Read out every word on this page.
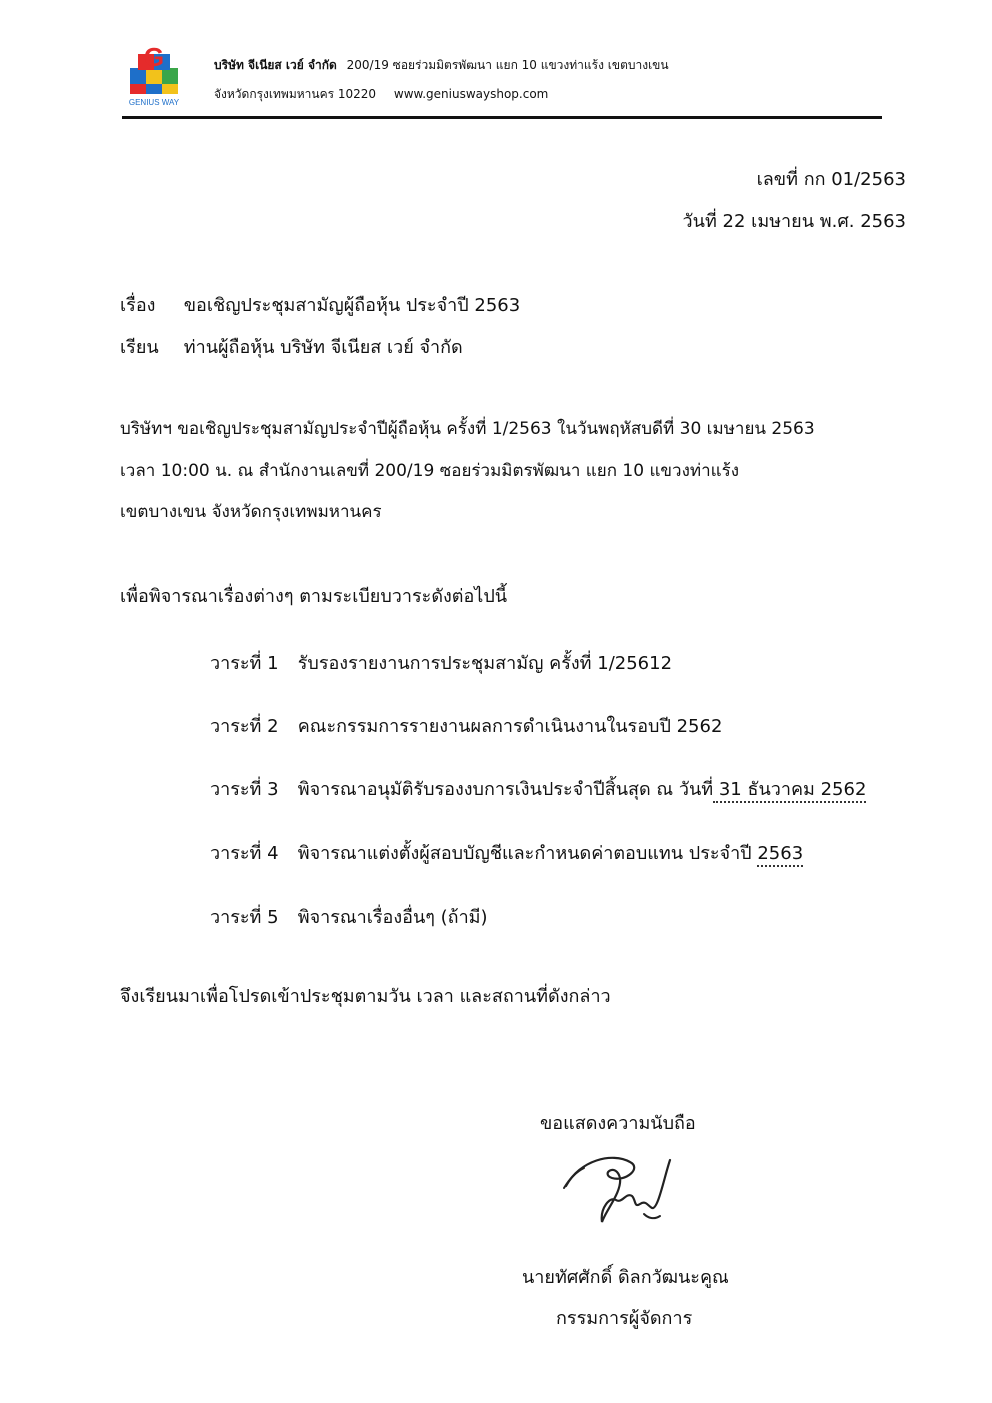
G
GENIUS WAY
บริษัท จีเนียส เวย์ จำกัด 200/19 ซอยร่วมมิตรพัฒนา แยก 10 แขวงท่าแร้ง เขตบางเขน
จังหวัดกรุงเทพมหานคร 10220 www.geniuswayshop.com
เลขที่ กก 01/2563
วันที่ 22 เมษายน พ.ศ. 2563
เรื่อง ขอเชิญประชุมสามัญผู้ถือหุ้น ประจำปี 2563
เรียน ท่านผู้ถือหุ้น บริษัท จีเนียส เวย์ จำกัด
บริษัทฯ ขอเชิญประชุมสามัญประจำปีผู้ถือหุ้น ครั้งที่ 1/2563 ในวันพฤหัสบดีที่ 30 เมษายน 2563
เวลา 10:00 น. ณ สำนักงานเลขที่ 200/19 ซอยร่วมมิตรพัฒนา แยก 10 แขวงท่าแร้ง
เขตบางเขน จังหวัดกรุงเทพมหานคร
เพื่อพิจารณาเรื่องต่างๆ ตามระเบียบวาระดังต่อไปนี้
วาระที่ 1 รับรองรายงานการประชุมสามัญ ครั้งที่ 1/25612
วาระที่ 2 คณะกรรมการรายงานผลการดำเนินงานในรอบปี 2562
วาระที่ 3 พิจารณาอนุมัติรับรองงบการเงินประจำปีสิ้นสุด ณ วันที่ 31 ธันวาคม 2562
วาระที่ 4 พิจารณาแต่งตั้งผู้สอบบัญชีและกำหนดค่าตอบแทน ประจำปี 2563
วาระที่ 5 พิจารณาเรื่องอื่นๆ (ถ้ามี)
จึงเรียนมาเพื่อโปรดเข้าประชุมตามวัน เวลา และสถานที่ดังกล่าว
ขอแสดงความนับถือ
นายทัศศักดิ์ ดิลกวัฒนะคูณ
กรรมการผู้จัดการ
